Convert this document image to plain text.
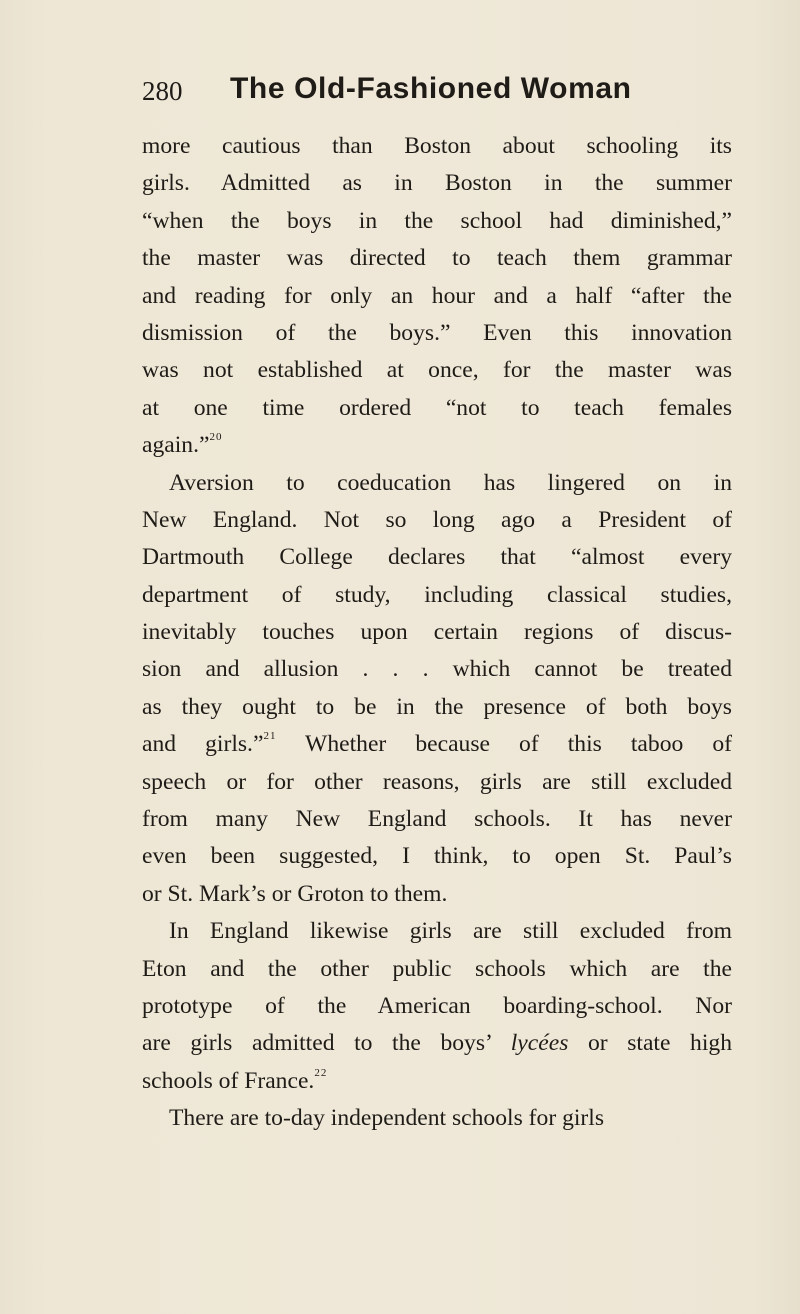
280 The Old-Fashioned Woman
more cautious than Boston about schooling its
girls. Admitted as in Boston in the summer
“when the boys in the school had diminished,”
the master was directed to teach them grammar
and reading for only an hour and a half “after the
dismission of the boys.” Even this innovation
was not established at once, for the master was
at one time ordered “not to teach females
again.”$^{20}$
Aversion to coeducation has lingered on in
New England. Not so long ago a President of
Dartmouth College declares that “almost every
department of study, including classical studies,
inevitably touches upon certain regions of discus-
sion and allusion . . . which cannot be treated
as they ought to be in the presence of both boys
and girls.”$^{21}$ Whether because of this taboo of
speech or for other reasons, girls are still excluded
from many New England schools. It has never
even been suggested, I think, to open St. Paul’s
or St. Mark’s or Groton to them.
In England likewise girls are still excluded from
Eton and the other public schools which are the
prototype of the American boarding-school. Nor
are girls admitted to the boys’ lycées or state high
schools of France.$^{22}$
There are to-day independent schools for girls
